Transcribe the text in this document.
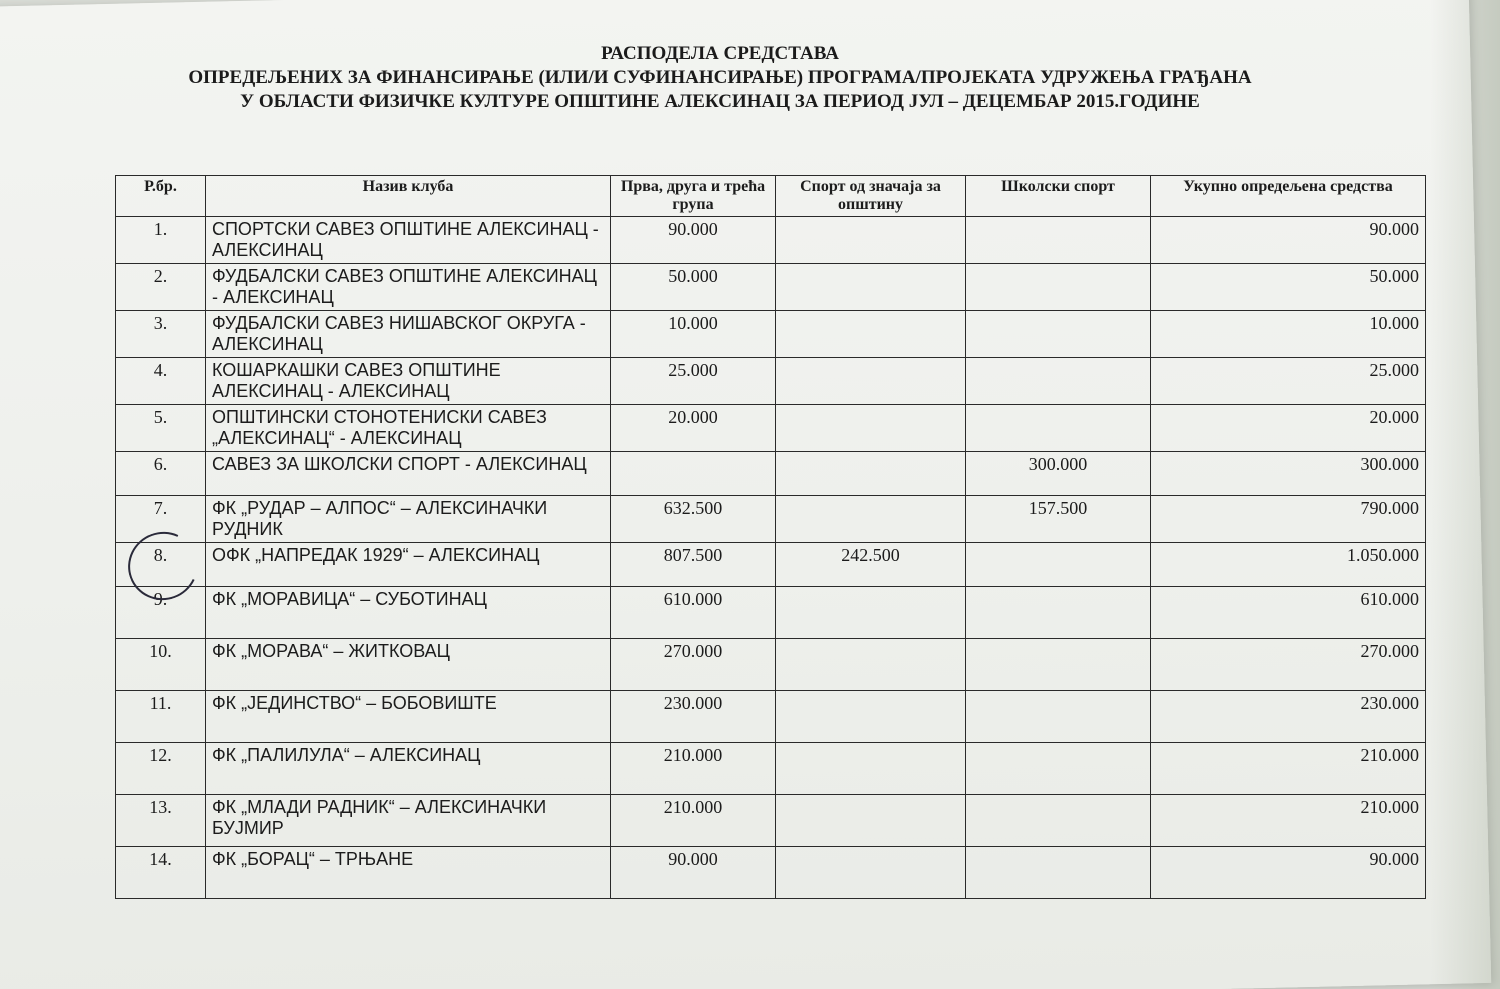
РАСПОДЕЛА СРЕДСТАВА
ОПРЕДЕЉЕНИХ ЗА ФИНАНСИРАЊЕ (ИЛИ/И СУФИНАНСИРАЊЕ) ПРОГРАМА/ПРОЈЕКАТА УДРУЖЕЊА ГРАЂАНА
У ОБЛАСТИ ФИЗИЧКЕ КУЛТУРЕ ОПШТИНЕ АЛЕКСИНАЦ ЗА ПЕРИОД ЈУЛ – ДЕЦЕМБАР 2015.ГОДИНЕ
Р.бр.	Назив клуба	Прва, друга и трећа група	Спорт од значаја за општину	Школски спорт	Укупно опредељена средства
1.	СПОРТСКИ САВЕЗ ОПШТИНЕ АЛЕКСИНАЦ - АЛЕКСИНАЦ	90.000			90.000
2.	ФУДБАЛСКИ САВЕЗ ОПШТИНЕ АЛЕКСИНАЦ - АЛЕКСИНАЦ	50.000			50.000
3.	ФУДБАЛСКИ САВЕЗ НИШАВСКОГ ОКРУГА - АЛЕКСИНАЦ	10.000			10.000
4.	КОШАРКАШКИ САВЕЗ ОПШТИНЕ АЛЕКСИНАЦ - АЛЕКСИНАЦ	25.000			25.000
5.	ОПШТИНСКИ СТОНОТЕНИСКИ САВЕЗ „АЛЕКСИНАЦ“ - АЛЕКСИНАЦ	20.000			20.000
6.	САВЕЗ ЗА ШКОЛСКИ СПОРТ - АЛЕКСИНАЦ			300.000	300.000
7.	ФК „РУДАР – АЛПОС“ – АЛЕКСИНАЧКИ РУДНИК	632.500		157.500	790.000
8.	ОФК „НАПРЕДАК 1929“ – АЛЕКСИНАЦ	807.500	242.500		1.050.000
9.	ФК „МОРАВИЦА“ – СУБОТИНАЦ	610.000			610.000
10.	ФК „МОРАВА“ – ЖИТКОВАЦ	270.000			270.000
11.	ФК „ЈЕДИНСТВО“ – БОБОВИШТЕ	230.000			230.000
12.	ФК „ПАЛИЛУЛА“ – АЛЕКСИНАЦ	210.000			210.000
13.	ФК „МЛАДИ РАДНИК“ – АЛЕКСИНАЧКИ БУЈМИР	210.000			210.000
14.	ФК „БОРАЦ“ – ТРЊАНЕ	90.000			90.000
